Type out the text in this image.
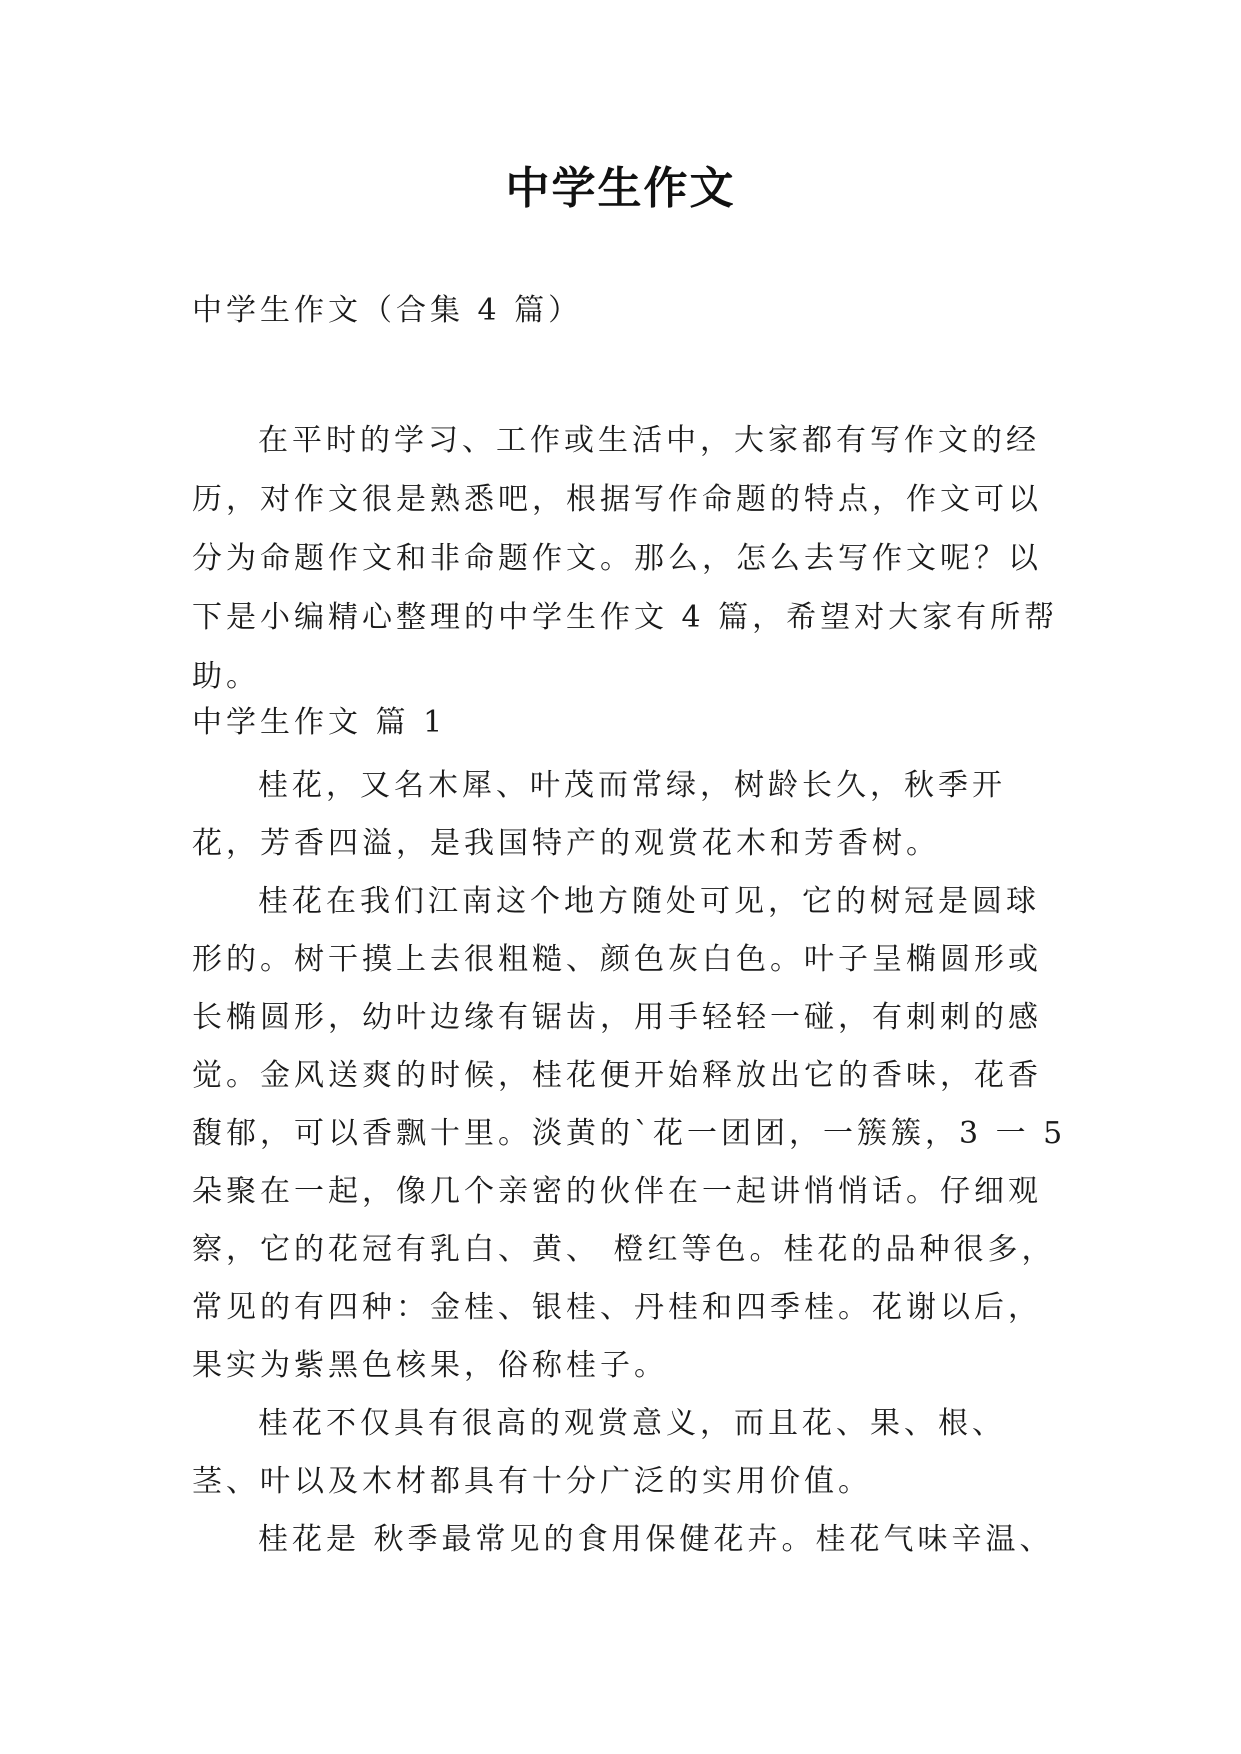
中学生作文

中学生作文（合集 4 篇）

在平时的学习、工作或生活中，大家都有写作文的经历，对作文很是熟悉吧，根据写作命题的特点，作文可以分为命题作文和非命题作文。那么，怎么去写作文呢？以下是小编精心整理的中学生作文 4 篇，希望对大家有所帮助。

中学生作文 篇 1

桂花，又名木犀、叶茂而常绿，树龄长久，秋季开花，芳香四溢，是我国特产的观赏花木和芳香树。

桂花在我们江南这个地方随处可见，它的树冠是圆球形的。树干摸上去很粗糙、颜色灰白色。叶子呈椭圆形或长椭圆形，幼叶边缘有锯齿，用手轻轻一碰，有刺刺的感觉。金风送爽的时候，桂花便开始释放出它的香味，花香馥郁，可以香飘十里。淡黄的`花一团团，一簇簇，3 一 5 朵聚在一起，像几个亲密的伙伴在一起讲悄悄话。仔细观察，它的花冠有乳白、黄、 橙红等色。桂花的品种很多，常见的有四种：金桂、银桂、丹桂和四季桂。花谢以后，果实为紫黑色核果，俗称桂子。

桂花不仅具有很高的观赏意义，而且花、果、根、茎、叶以及木材都具有十分广泛的实用价值。

桂花是 秋季最常见的食用保健花卉。桂花气味辛温、
